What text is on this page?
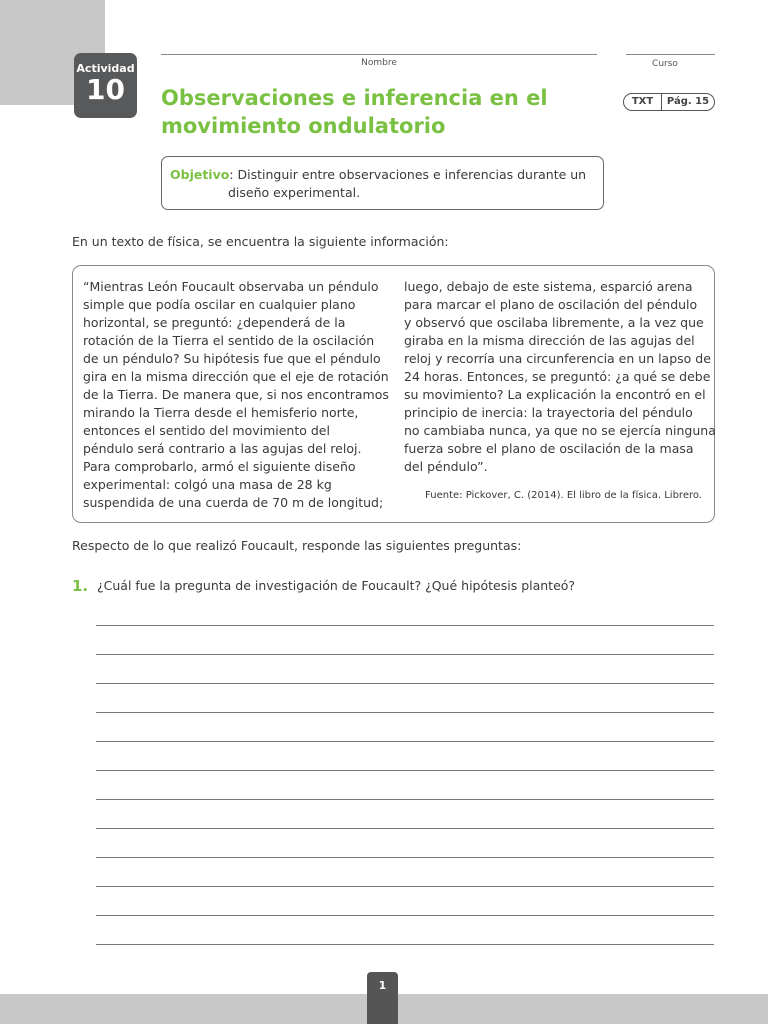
Actividad
10
Nombre	Curso
TXT	Pág. 15
Observaciones e inferencia en el
movimiento ondulatorio
Objetivo: Distinguir entre observaciones e inferencias durante un
diseño experimental.
En un texto de física, se encuentra la siguiente información:
“Mientras León Foucault observaba un péndulo
simple que podía oscilar en cualquier plano
horizontal, se preguntó: ¿dependerá de la
rotación de la Tierra el sentido de la oscilación
de un péndulo? Su hipótesis fue que el péndulo
gira en la misma dirección que el eje de rotación
de la Tierra. De manera que, si nos encontramos
mirando la Tierra desde el hemisferio norte,
entonces el sentido del movimiento del
péndulo será contrario a las agujas del reloj.
Para comprobarlo, armó el siguiente diseño
experimental: colgó una masa de 28 kg
suspendida de una cuerda de 70 m de longitud;
luego, debajo de este sistema, esparció arena
para marcar el plano de oscilación del péndulo
y observó que oscilaba libremente, a la vez que
giraba en la misma dirección de las agujas del
reloj y recorría una circunferencia en un lapso de
24 horas. Entonces, se preguntó: ¿a qué se debe
su movimiento? La explicación la encontró en el
principio de inercia: la trayectoria del péndulo
no cambiaba nunca, ya que no se ejercía ninguna
fuerza sobre el plano de oscilación de la masa
del péndulo”.
Fuente: Pickover, C. (2014). El libro de la física. Librero.
Respecto de lo que realizó Foucault, responde las siguientes preguntas:
1. ¿Cuál fue la pregunta de investigación de Foucault? ¿Qué hipótesis planteó?
1
